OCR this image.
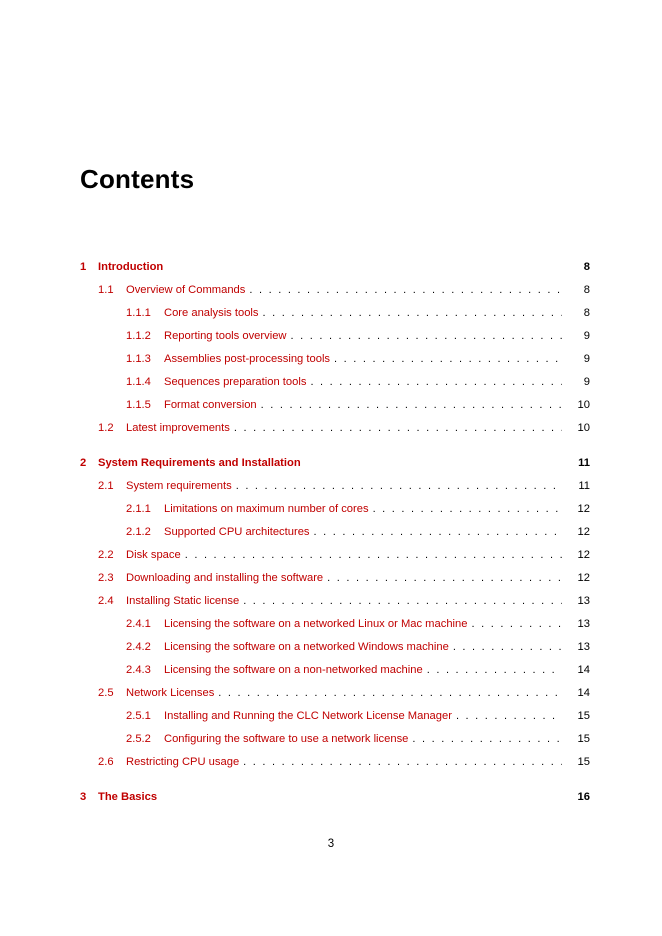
Contents
1	Introduction	8
1.1	Overview of Commands . . .	8
1.1.1	Core analysis tools . . .	8
1.1.2	Reporting tools overview . . .	9
1.1.3	Assemblies post-processing tools . . .	9
1.1.4	Sequences preparation tools . . .	9
1.1.5	Format conversion . . .	10
1.2	Latest improvements . . .	10
2	System Requirements and Installation	11
2.1	System requirements . . .	11
2.1.1	Limitations on maximum number of cores . . .	12
2.1.2	Supported CPU architectures . . .	12
2.2	Disk space . . .	12
2.3	Downloading and installing the software . . .	12
2.4	Installing Static license . . .	13
2.4.1	Licensing the software on a networked Linux or Mac machine . . .	13
2.4.2	Licensing the software on a networked Windows machine . . .	13
2.4.3	Licensing the software on a non-networked machine . . .	14
2.5	Network Licenses . . .	14
2.5.1	Installing and Running the CLC Network License Manager . . .	15
2.5.2	Configuring the software to use a network license . . .	15
2.6	Restricting CPU usage . . .	15
3	The Basics	16
3
